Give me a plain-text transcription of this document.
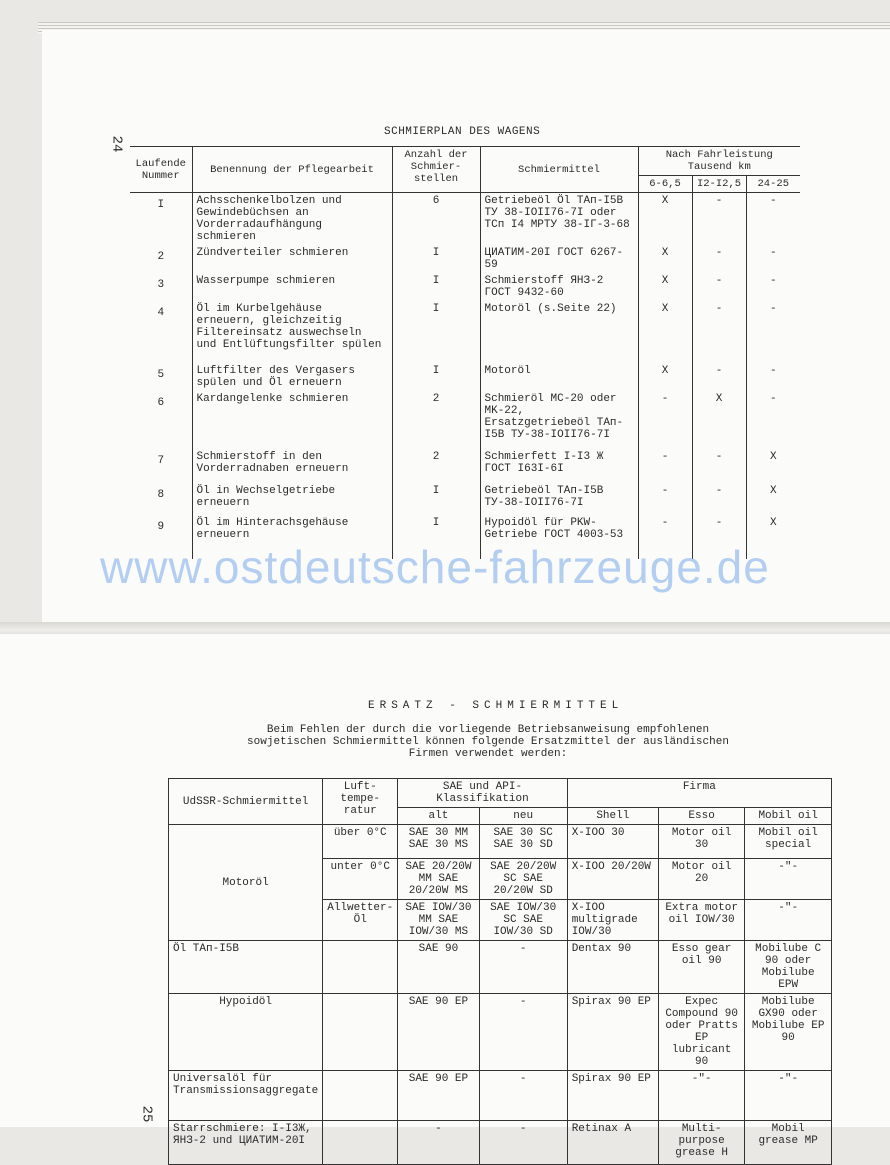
24
SCHMIERPLAN DES WAGENS
Laufende Nummer	Benennung der Pflegearbeit	Anzahl der Schmier- stellen	Schmiermittel	Nach Fahrleistung Tausend km		
				6-6,5	I2-I2,5	24-25
I	Achsschenkelbolzen und Gewindebüchsen an Vorderradaufhängung schmieren	6	Getriebeöl Öl TAп-I5B ТУ 38-IOII76-7I oder ТСп I4 МРТУ 38-IГ-3-68	X	-	-
2	Zündverteiler schmieren	I	ЦИАТИМ-20I ГОСТ 6267-59	X	-	-
3	Wasserpumpe schmieren	I	Schmierstoff ЯНЗ-2 ГОСТ 9432-60	X	-	-
4	Öl im Kurbelgehäuse erneuern, gleichzeitig Filtereinsatz auswechseln und Entlüftungsfilter spülen	I	Motoröl (s.Seite 22)	X	-	-
5	Luftfilter des Vergasers spülen und Öl erneuern	I	Motoröl	X	-	-
6	Kardangelenke schmieren	2	Schmieröl MC-20 oder MK-22, Ersatzgetriebeöl TAп-I5B ТУ-38-IOII76-7I	-	X	-
7	Schmierstoff in den Vorderradnaben erneuern	2	Schmierfett I-I3 Ж ГОСТ I63I-6I	-	-	X
8	Öl in Wechselgetriebe erneuern	I	Getriebeöl TAп-I5B ТУ-38-IOII76-7I	-	-	X
9	Öl im Hinterachsgehäuse erneuern	I	Hypoidöl für PKW-Getriebe ГОСТ 4003-53	-	-	X
www.ostdeutsche-fahrzeuge.de
ERSATZ - SCHMIERMITTEL
Beim Fehlen der durch die vorliegende Betriebsanweisung empfohlenen sowjetischen Schmiermittel können folgende Ersatzmittel der ausländischen Firmen verwendet werden:
UdSSR-Schmiermittel	Luft-tempe-ratur	SAE und API-Klassifikation		Firma		
		alt	neu	Shell	Esso	Mobil oil
Motoröl	über 0°C	SAE 30 MM SAE 30 MS	SAE 30 SC SAE 30 SD	X-IOO 30	Motor oil 30	Mobil oil special
	unter 0°C	SAE 20/20W MM SAE 20/20W MS	SAE 20/20W SC SAE 20/20W SD	X-IOO 20/20W	Motor oil 20	-"-
	Allwetter-Öl	SAE IOW/30 MM SAE IOW/30 MS	SAE IOW/30 SC SAE IOW/30 SD	X-IOO multigrade IOW/30	Extra motor oil IOW/30	-"-
Öl TAп-I5B		SAE 90	-	Dentax 90	Esso gear oil 90	Mobilube C 90 oder Mobilube EPW
Hypoidöl		SAE 90 EP	-	Spirax 90 EP	Expec Compound 90 oder Pratts EP lubricant 90	Mobilube GX90 oder Mobilube EP 90
Universalöl für Transmissionsaggregate		SAE 90 EP	-	Spirax 90 EP	-"-	-"-
Starrschmiere: I-I3Ж, ЯНЗ-2 und ЦИАТИМ-20I		-	-	Retinax A	Multi-purpose grease H	Mobil grease MP
25
